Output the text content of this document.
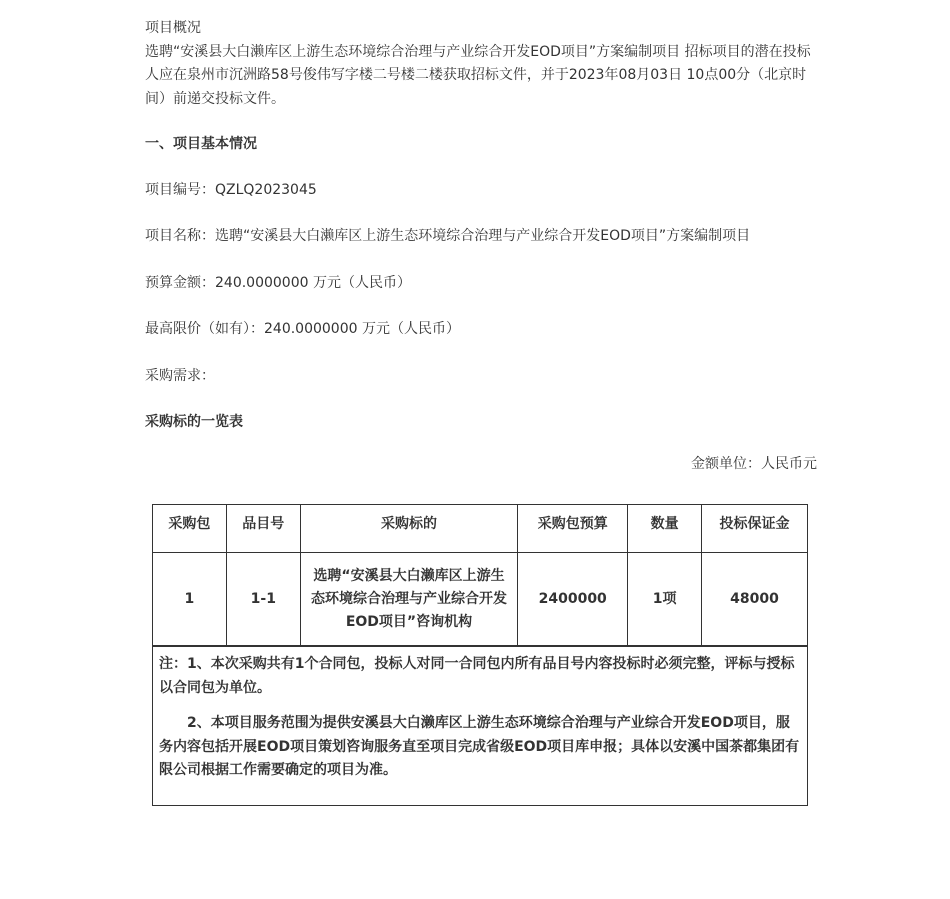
项目概况

选聘“安溪县大白濑库区上游生态环境综合治理与产业综合开发EOD项目”方案编制项目 招标项目的潜在投标人应在泉州市沉洲路58号俊伟写字楼二号楼二楼获取招标文件，并于2023年08月03日 10点00分（北京时间）前递交投标文件。

一、项目基本情况

项目编号：QZLQ2023045

项目名称：选聘“安溪县大白濑库区上游生态环境综合治理与产业综合开发EOD项目”方案编制项目

预算金额：240.0000000 万元（人民币）

最高限价（如有）：240.0000000 万元（人民币）

采购需求：

采购标的一览表

金额单位：人民币元

采购包	品目号	采购标的	采购包预算	数量	投标保证金
1	1-1	选聘“安溪县大白濑库区上游生态环境综合治理与产业综合开发EOD项目”咨询机构	2400000	1项	48000

注：1、本次采购共有1个合同包，投标人对同一合同包内所有品目号内容投标时必须完整，评标与授标以合同包为单位。

2、本项目服务范围为提供安溪县大白濑库区上游生态环境综合治理与产业综合开发EOD项目，服务内容包括开展EOD项目策划咨询服务直至项目完成省级EOD项目库申报；具体以安溪中国茶都集团有限公司根据工作需要确定的项目为准。					
